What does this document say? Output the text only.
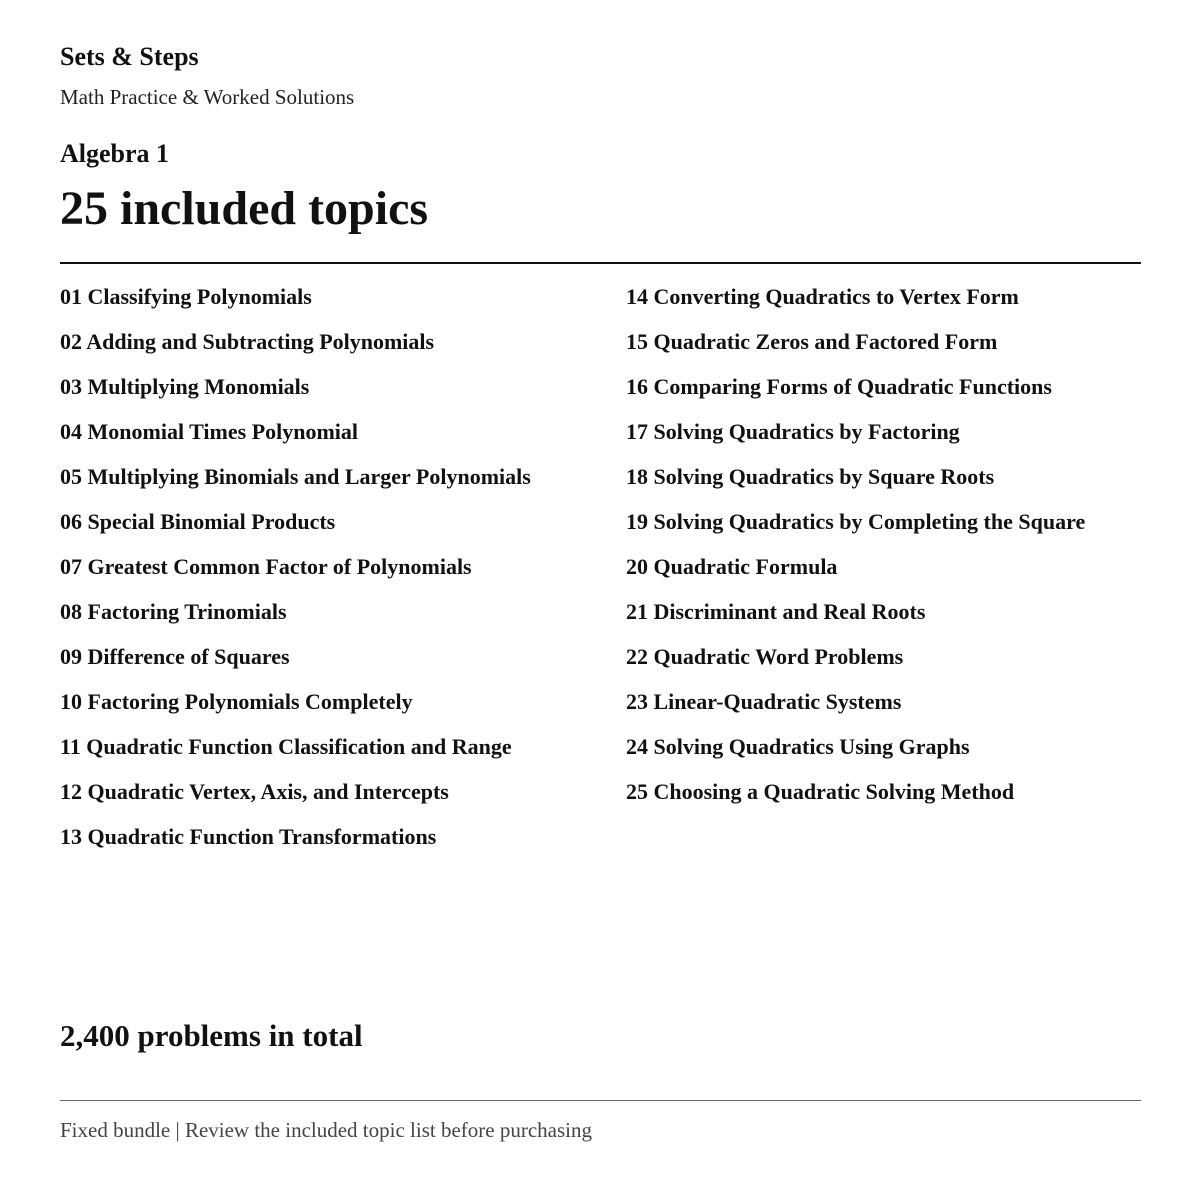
Sets & Steps
Math Practice & Worked Solutions
Algebra 1
25 included topics
01 Classifying Polynomials
02 Adding and Subtracting Polynomials
03 Multiplying Monomials
04 Monomial Times Polynomial
05 Multiplying Binomials and Larger Polynomials
06 Special Binomial Products
07 Greatest Common Factor of Polynomials
08 Factoring Trinomials
09 Difference of Squares
10 Factoring Polynomials Completely
11 Quadratic Function Classification and Range
12 Quadratic Vertex, Axis, and Intercepts
13 Quadratic Function Transformations
14 Converting Quadratics to Vertex Form
15 Quadratic Zeros and Factored Form
16 Comparing Forms of Quadratic Functions
17 Solving Quadratics by Factoring
18 Solving Quadratics by Square Roots
19 Solving Quadratics by Completing the Square
20 Quadratic Formula
21 Discriminant and Real Roots
22 Quadratic Word Problems
23 Linear-Quadratic Systems
24 Solving Quadratics Using Graphs
25 Choosing a Quadratic Solving Method
2,400 problems in total
Fixed bundle | Review the included topic list before purchasing
